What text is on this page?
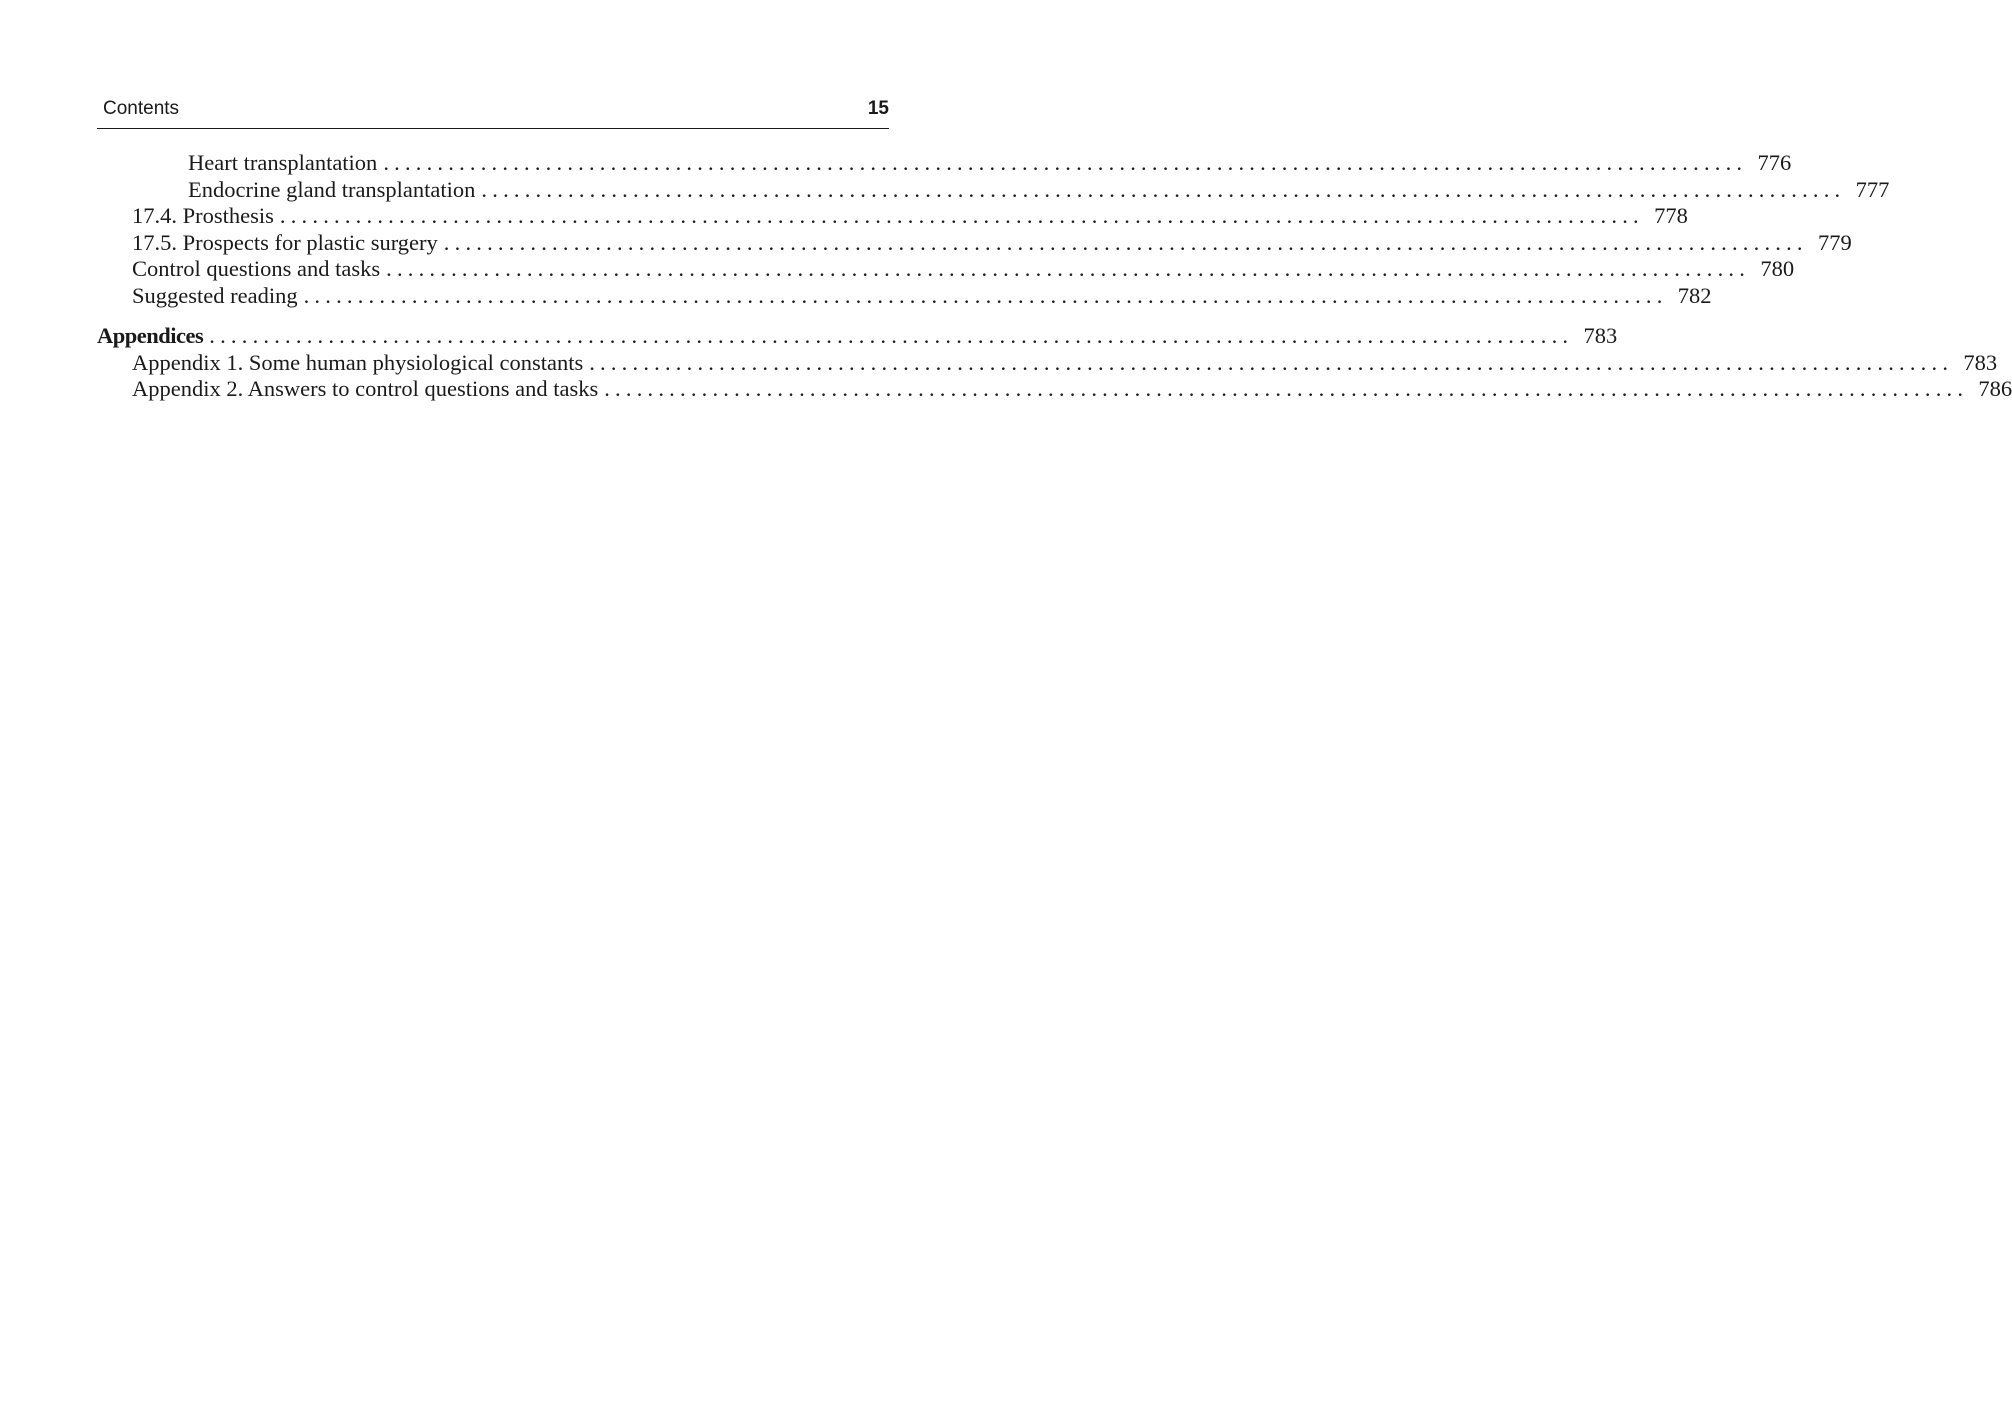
Contents	15
Heart transplantation .............................................................................................................................. 776
Endocrine gland transplantation .............................................................................................................................. 777
17.4. Prosthesis .............................................................................................................................. 778
17.5. Prospects for plastic surgery .............................................................................................................................. 779
Control questions and tasks .............................................................................................................................. 780
Suggested reading .............................................................................................................................. 782
Appendices .............................................................................................................................. 783
Appendix 1. Some human physiological constants .............................................................................................................................. 783
Appendix 2. Answers to control questions and tasks .............................................................................................................................. 786
